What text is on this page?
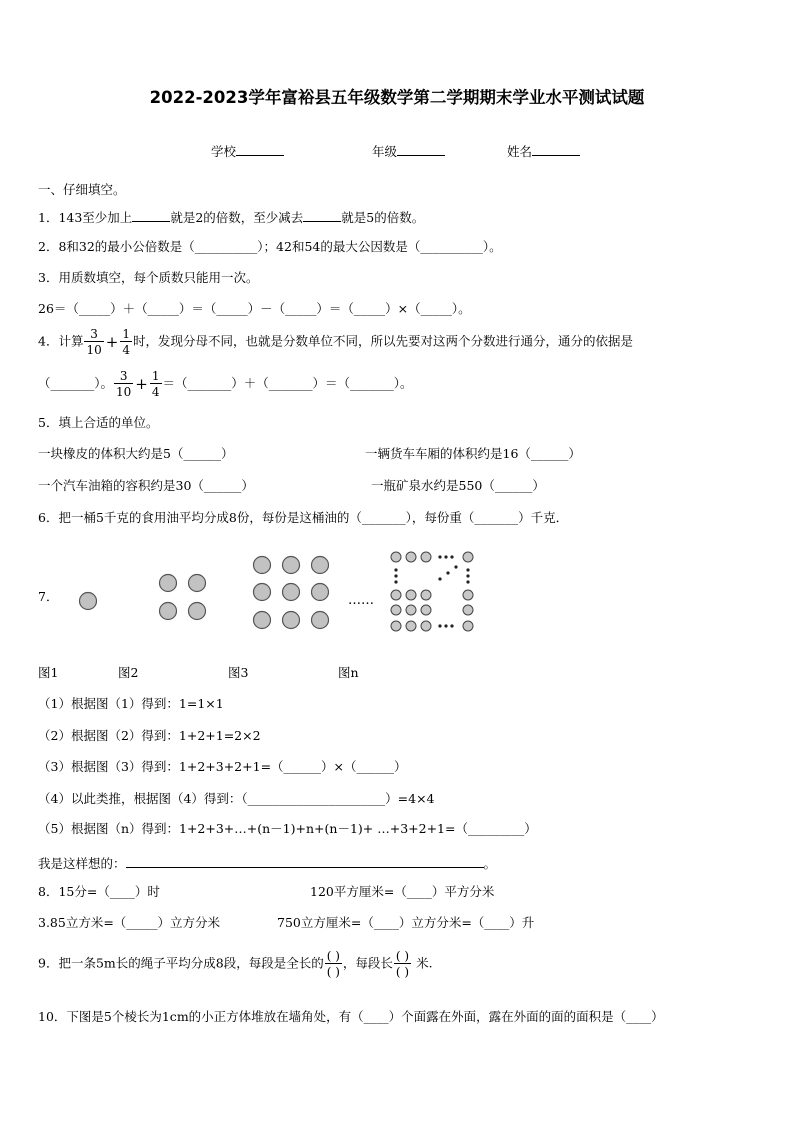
2022-2023学年富裕县五年级数学第二学期期末学业水平测试试题
学校	年级	姓名
一、仔细填空。
1．143至少加上	就是2的倍数，至少减去	就是5的倍数。
2．8和32的最小公倍数是（__________）；42和54的最大公因数是（__________）。
3．用质数填空，每个质数只能用一次。
26＝（_____）＋（_____）＝（_____）－（_____）＝（_____）×（_____）。
4．计算 $\frac{3}{10} + \frac{1}{4}$ 时，发现分母不同，也就是分数单位不同，所以先要对这两个分数进行通分，通分的依据是
（_______）。 $\frac{3}{10} + \frac{1}{4}$ ＝（_______）＋（_______）＝（_______）。
5．填上合适的单位。
一块橡皮的体积大约是5（______）	一辆货车车厢的体积约是16（______）
一个汽车油箱的容积约是30（______）	一瓶矿泉水约是550（______）
6．把一桶5千克的食用油平均分成8份，每份是这桶油的（_______），每份重（_______）千克．
7．	……
图1	图2	图3	图n
（1）根据图（1）得到：1=1×1
（2）根据图（2）得到：1+2+1=2×2
（3）根据图（3）得到：1+2+3+2+1=（______）×（______）
（4）以此类推，根据图（4）得到：（______________________）=4×4
（5）根据图（n）得到：1+2+3+…+(n－1)+n+(n－1)+ …+3+2+1=（_________）
我是这样想的：	。
8．15分=（____）时	120平方厘米=（____）平方分米
3.85立方米=（_____）立方分米	750立方厘米=（____）立方分米=（____）升
9．把一条5m长的绳子平均分成8段，每段是全长的 $\frac{( )}{( )}$ ，每段长 $\frac{( )}{( )}$ 米.
10．下图是5个棱长为1cm的小正方体堆放在墙角处，有（____）个面露在外面，露在外面的面的面积是（____）
